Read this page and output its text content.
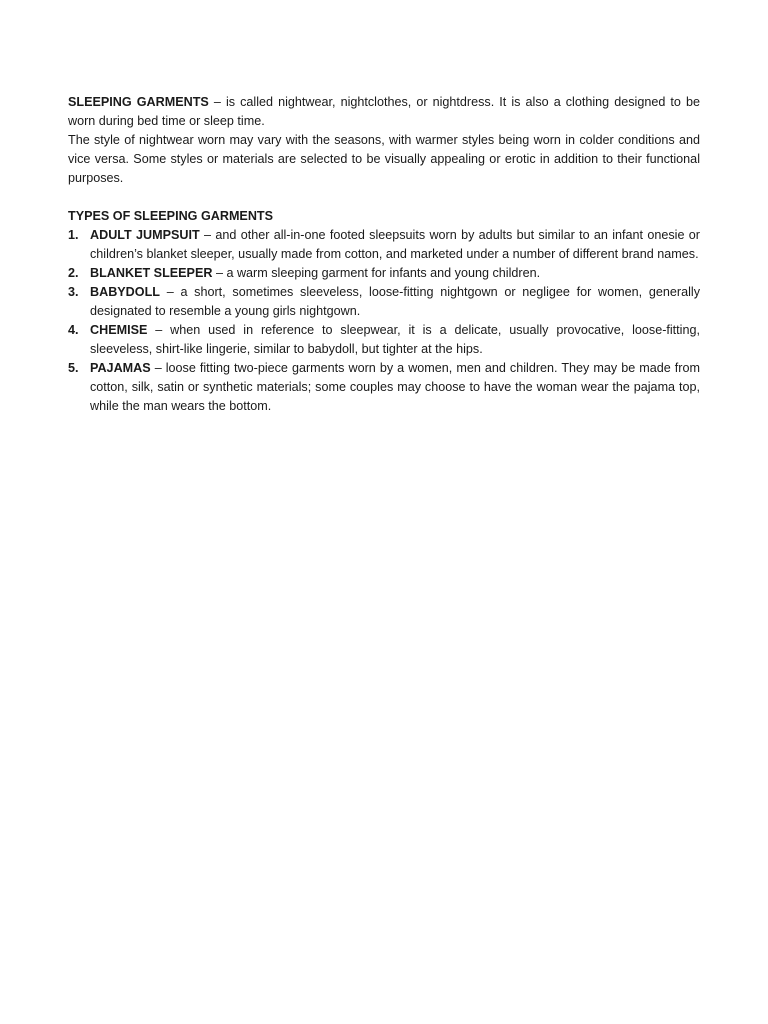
SLEEPING GARMENTS – is called nightwear, nightclothes, or nightdress. It is also a clothing designed to be worn during bed time or sleep time.

The style of nightwear worn may vary with the seasons, with warmer styles being worn in colder conditions and vice versa. Some styles or materials are selected to be visually appealing or erotic in addition to their functional purposes.

TYPES OF SLEEPING GARMENTS

1. ADULT JUMPSUIT – and other all-in-one footed sleepsuits worn by adults but similar to an infant onesie or children’s blanket sleeper, usually made from cotton, and marketed under a number of different brand names.
2. BLANKET SLEEPER – a warm sleeping garment for infants and young children.
3. BABYDOLL – a short, sometimes sleeveless, loose-fitting nightgown or negligee for women, generally designated to resemble a young girls nightgown.
4. CHEMISE – when used in reference to sleepwear, it is a delicate, usually provocative, loose-fitting, sleeveless, shirt-like lingerie, similar to babydoll, but tighter at the hips.
5. PAJAMAS – loose fitting two-piece garments worn by a women, men and children. They may be made from cotton, silk, satin or synthetic materials; some couples may choose to have the woman wear the pajama top, while the man wears the bottom.
